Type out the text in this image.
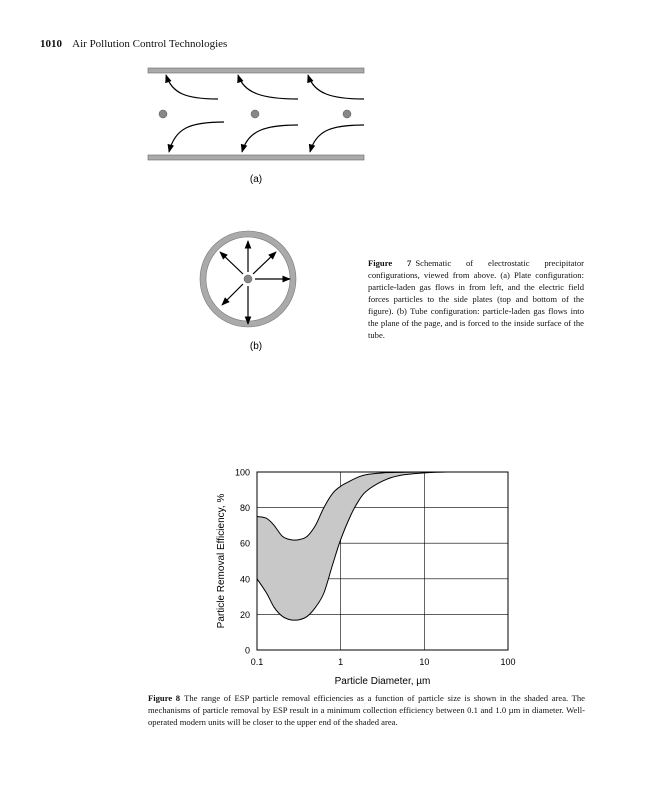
1010 Air Pollution Control Technologies
(a)
(b)
Figure 7 Schematic of electrostatic precipitator configurations, viewed from above. (a) Plate configuration: particle-laden gas flows in from left, and the electric field forces particles to the side plates (top and bottom of the figure). (b) Tube configuration: particle-laden gas flows into the plane of the page, and is forced to the inside surface of the tube.
0
20
40
60
80
100
0.1	1	10	100
Particle Diameter, µm
Particle Removal Efficiency, %
Figure 8 The range of ESP particle removal efficiencies as a function of particle size is shown in the shaded area. The mechanisms of particle removal by ESP result in a minimum collection efficiency between 0.1 and 1.0 µm in diameter. Well-operated modern units will be closer to the upper end of the shaded area.
